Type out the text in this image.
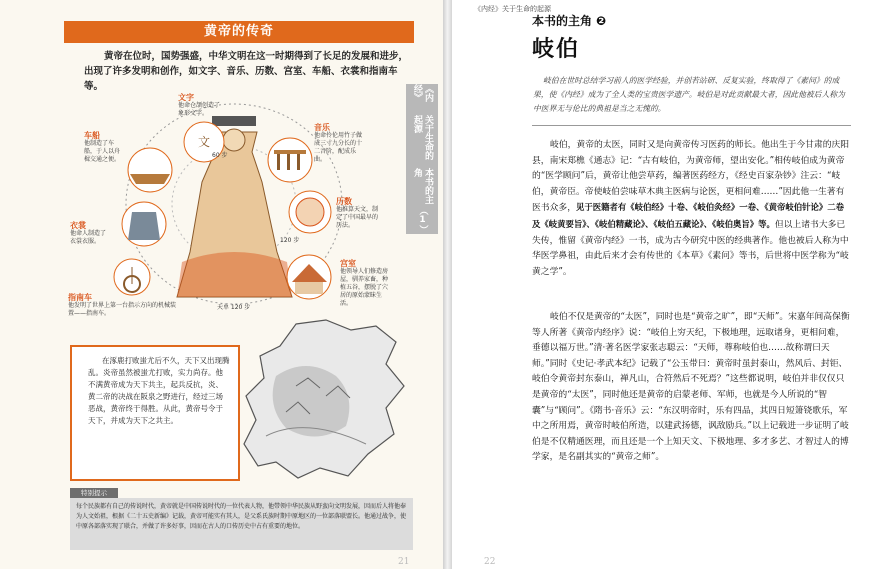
黄帝的传奇
黄帝在位时，国势强盛，中华文明在这一时期得到了长足的发展和进步，出现了许多发明和创作，如文字、音乐、历数、宫室、车船、衣裳和指南车等。	《内经》
关于生命的起源
本书的主角
（1）
文
文字
他命仓颉创造了象形文字。
车船
他制造了车船，于人以舟楫交通之便。
音乐
他命伶伦用竹子做成三寸九分长的十二音阶，配成乐曲。
历数
他推算天文，制定了中国最早的历法。
衣裳
他命人制造了衣裳衣服。
宫室
他领导人们修造房屋，驯养家畜，种植五谷，摆脱了穴居的原始蒙昧生活。
指南车
他发明了世界上第一台指示方向的机械装置——指南车。
60 步
120 步
天单 120 步
在涿鹿打败蚩尤后不久，天下又出现腾乱。炎帝虽然被蚩尤打败，实力尚存。他不满黄帝成为天下共主，起兵反抗，炎、黄二帝的决战在阪泉之野进行，经过三场恶战，黄帝终于得胜。从此，黄帝号令于天下，并成为天下之共主。
特别提示
每个民族都有自己的传说时代，黄帝就是中国传说时代的一位代表人物，他带领中华民族从野蛮向文明发展，因而后人将他奉为人文始祖，根据《二十五史新编》记载，黄帝可能实有其人，是父系氏族时期中原地区的一位部落联盟长。他通过战争，使中原各部落实现了联合，并做了许多好事，因而在古人的口传历史中占有重要的地位。
21
《内经》关于生命的起源
本书的主角 ❷
岐伯
岐伯在世时总结学习前人的医学经验，并创若站研、反复实验，终取得了《素问》的成果，使《内经》成为了全人类的宝贵医学遗产。岐伯是对此贡献最大者，因此他被后人称为中医界无与伦比的典祖是当之无愧的。
岐伯，黄帝的太医，同时又是向黄帝传习医药的师长。他出生于今甘肃的庆阳县，南宋郑樵《通志》记：“古有岐伯，为黄帝师，望出安化。”相传岐伯成为黄帝的“医学顾问”后，黄帝让他尝草药，编著医药经方，《经史百家杂钞》注云：“岐伯，黄帝臣。帝使岐伯尝味草木典主医病与论医，更相问难……”因此他一生著有医书众多，见于医籍者有《岐伯经》十卷、《岐伯灸经》一卷、《黄帝岐伯针论》二卷及《岐黄要旨》、《岐伯精藏论》、《岐伯五藏论》、《岐伯奥旨》等。但以上诸书大多已失传，惟留《黄帝内经》一书，成为古今研究中医的经典著作。他也被后人称为中华医学鼻祖，由此后来才会有传世的《本草》《素问》等书，后世将中医学称为“岐黄之学”。
岐伯不仅是黄帝的“太医”，同时也是“黄帝之旷”，即“天师”。宋嘉年间高保衡等人所著《黄帝内经序》说：“岐伯上穷天纪，下极地理，远取诸身，更相问难，垂德以福万世。”清·著名医学家张志聪云：“天师，尊称岐伯也……故称谓曰天师。”同时《史记·孝武本纪》记载了“公玉带曰：黄帝时虽封泰山，然风后、封钜、岐伯令黄帝封东泰山，禅凡山，合符然后不死焉？”这些都说明，岐伯并非仅仅只是黄帝的“太医”，同时他还是黄帝的启蒙老师、军师，也就是今人所说的“智囊”与“顾问”。《隋书·音乐》云：“东汉明帝时，乐有四品，其四日短箫铙歌乐，军中之所用焉，黄帝时岐伯所造，以建武扬德，讽敌励兵。”以上记载进一步证明了岐伯是不仅精通医理，而且还是一个上知天文、下极地理、多才多艺、才智过人的博学家，是名副其实的“黄帝之师”。
22
